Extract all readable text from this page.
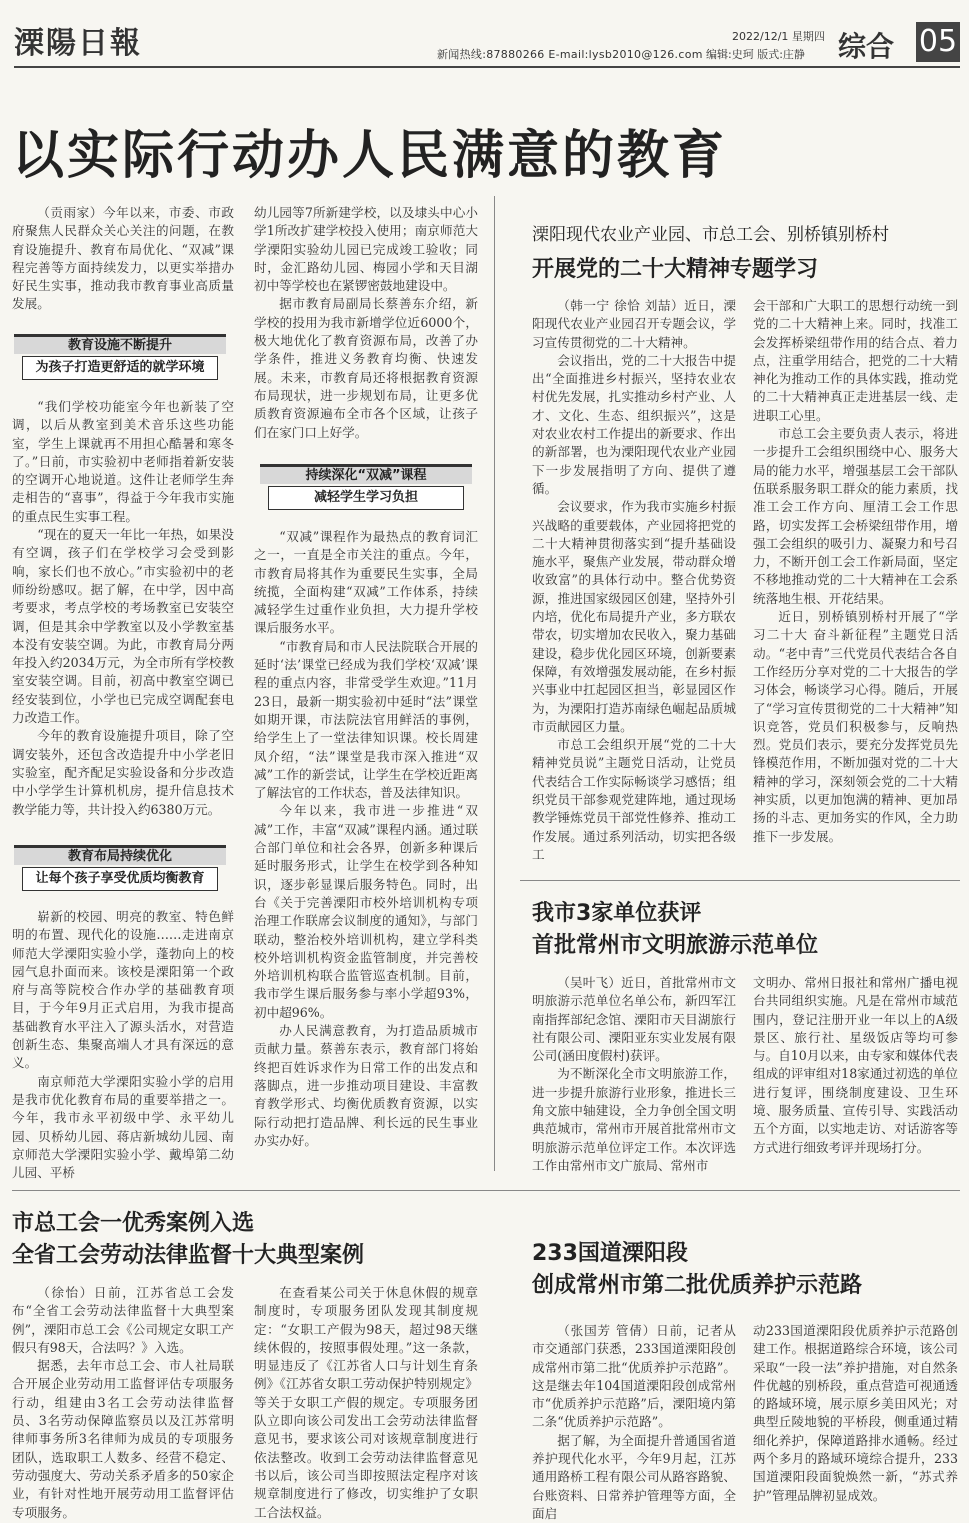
溧陽日報	新闻热线:87880266 E-mail:lysb2010@126.com
2022/12/1 星期四
编辑:史珂 版式:庄静 综合 05
以实际行动办人民满意的教育

（贡雨家）今年以来，市委、市政府聚焦人民群众关心关注的问题，在教育设施提升、教育布局优化、“双减”课程完善等方面持续发力，以更实举措办好民生实事，推动我市教育事业高质量发展。

教育设施不断提升
为孩子打造更舒适的就学环境

“我们学校功能室今年也新装了空调，以后从教室到美术音乐这些功能室，学生上课就再不用担心酷暑和寒冬了。”日前，市实验初中老师指着新安装的空调开心地说道。这件让老师学生奔走相告的“喜事”，得益于今年我市实施的重点民生实事工程。

“现在的夏天一年比一年热，如果没有空调，孩子们在学校学习会受到影响，家长们也不放心。”市实验初中的老师纷纷感叹。据了解，在中学，因中高考要求，考点学校的考场教室已安装空调，但是其余中学教室以及小学教室基本没有安装空调。为此，市教育局分两年投入约2034万元，为全市所有学校教室安装空调。目前，初高中教室空调已经安装到位，小学也已完成空调配套电力改造工作。

今年的教育设施提升项目，除了空调安装外，还包含改造提升中小学老旧实验室，配齐配足实验设备和分步改造中小学学生计算机机房，提升信息技术教学能力等，共计投入约6380万元。

教育布局持续优化
让每个孩子享受优质均衡教育

崭新的校园、明亮的教室、特色鲜明的布置、现代化的设施……走进南京师范大学溧阳实验小学，蓬勃向上的校园气息扑面而来。该校是溧阳第一个政府与高等院校合作办学的基础教育项目，于今年9月正式启用，为我市提高基础教育水平注入了源头活水，对营造创新生态、集聚高端人才具有深远的意义。

南京师范大学溧阳实验小学的启用是我市优化教育布局的重要举措之一。今年，我市永平初级中学、永平幼儿园、贝桥幼儿园、蒋店新城幼儿园、南京师范大学溧阳实验小学、戴埠第二幼儿园、平桥

幼儿园等7所新建学校，以及埭头中心小学1所改扩建学校投入使用；南京师范大学溧阳实验幼儿园已完成竣工验收；同时，金汇路幼儿园、梅园小学和天目湖初中等学校也在紧锣密鼓地建设中。

据市教育局副局长蔡善东介绍，新学校的投用为我市新增学位近6000个，极大地优化了教育资源布局，改善了办学条件，推进义务教育均衡、快速发展。未来，市教育局还将根据教育资源布局现状，进一步规划布局，让更多优质教育资源遍布全市各个区域，让孩子们在家门口上好学。

持续深化“双减”课程
减轻学生学习负担

“双减”课程作为最热点的教育词汇之一，一直是全市关注的重点。今年，市教育局将其作为重要民生实事，全局统揽，全面构建“双减”工作体系，持续减轻学生过重作业负担，大力提升学校课后服务水平。

“市教育局和市人民法院联合开展的延时‘法’课堂已经成为我们学校‘双减’课程的重点内容，非常受学生欢迎。”11月23日，最新一期实验初中延时“法”课堂如期开课，市法院法官用鲜活的事例，给学生上了一堂法律知识课。校长周建凤介绍，“法”课堂是我市深入推进“双减”工作的新尝试，让学生在学校近距离了解法官的工作状态，普及法律知识。

今年以来，我市进一步推进“双减”工作，丰富“双减”课程内涵。通过联合部门单位和社会各界，创新多种课后延时服务形式，让学生在校学到各种知识，逐步彰显课后服务特色。同时，出台《关于完善溧阳市校外培训机构专项治理工作联席会议制度的通知》，与部门联动，整治校外培训机构，建立学科类校外培训机构资金监管制度，并完善校外培训机构联合监管巡查机制。目前，我市学生课后服务参与率小学超93%，初中超96%。

办人民满意教育，为打造品质城市贡献力量。蔡善东表示，教育部门将始终把百姓诉求作为日常工作的出发点和落脚点，进一步推动项目建设、丰富教育教学形式、均衡优质教育资源，以实际行动把打造品牌、利长远的民生事业办实办好。

溧阳现代农业产业园、市总工会、别桥镇别桥村
开展党的二十大精神专题学习

（韩一宁 徐恰 刘喆）近日，溧阳现代农业产业园召开专题会议，学习宣传贯彻党的二十大精神。

会议指出，党的二十大报告中提出“全面推进乡村振兴，坚持农业农村优先发展，扎实推动乡村产业、人才、文化、生态、组织振兴”，这是对农业农村工作提出的新要求、作出的新部署，也为溧阳现代农业产业园下一步发展指明了方向、提供了遵循。

会议要求，作为我市实施乡村振兴战略的重要载体，产业园将把党的二十大精神贯彻落实到“提升基础设施水平，聚焦产业发展，带动群众增收致富”的具体行动中。整合优势资源，推进国家级园区创建，坚持外引内培，优化布局提升产业，多方联农带农，切实增加农民收入，聚力基础建设，稳步优化园区环境，创新要素保障，有效增强发展动能，在乡村振兴事业中扛起园区担当，彰显园区作为，为溧阳打造苏南绿色崛起品质城市贡献园区力量。

市总工会组织开展“党的二十大精神党员说”主题党日活动，让党员代表结合工作实际畅谈学习感悟；组织党员干部参观党建阵地，通过现场教学锤炼党员干部党性修养、推动工作发展。通过系列活动，切实把各级工

会干部和广大职工的思想行动统一到党的二十大精神上来。同时，找准工会发挥桥梁纽带作用的结合点、着力点，注重学用结合，把党的二十大精神化为推动工作的具体实践，推动党的二十大精神真正走进基层一线、走进职工心里。

市总工会主要负责人表示，将进一步提升工会组织围绕中心、服务大局的能力水平，增强基层工会干部队伍联系服务职工群众的能力素质，找准工会工作方向、厘清工会工作思路，切实发挥工会桥梁纽带作用，增强工会组织的吸引力、凝聚力和号召力，不断开创工会工作新局面，坚定不移地推动党的二十大精神在工会系统落地生根、开花结果。

近日，别桥镇别桥村开展了“学习二十大 奋斗新征程”主题党日活动。“老中青”三代党员代表结合各自工作经历分享对党的二十大报告的学习体会，畅谈学习心得。随后，开展了“学习宣传贯彻党的二十大精神”知识竞答，党员们积极参与，反响热烈。党员们表示，要充分发挥党员先锋模范作用，不断加强对党的二十大精神的学习，深刻领会党的二十大精神实质，以更加饱满的精神、更加昂扬的斗志、更加务实的作风，全力助推下一步发展。

我市3家单位获评
首批常州市文明旅游示范单位

（吴叶飞）近日，首批常州市文明旅游示范单位名单公布，新四军江南指挥部纪念馆、溧阳市天目湖旅行社有限公司、溧阳亚东实业发展有限公司(涵田度假村)获评。

为不断深化全市文明旅游工作，进一步提升旅游行业形象，推进长三角文旅中轴建设，全力争创全国文明典范城市，常州市开展首批常州市文明旅游示范单位评定工作。本次评选工作由常州市文广旅局、常州市

文明办、常州日报社和常州广播电视台共同组织实施。凡是在常州市域范围内，登记注册开业一年以上的A级景区、旅行社、星级饭店等均可参与。自10月以来，由专家和媒体代表组成的评审组对18家通过初选的单位进行复评，围绕制度建设、卫生环境、服务质量、宣传引导、实践活动五个方面，以实地走访、对话游客等方式进行细致考评并现场打分。

市总工会一优秀案例入选
全省工会劳动法律监督十大典型案例

（徐怡）日前，江苏省总工会发布“全省工会劳动法律监督十大典型案例”，溧阳市总工会《公司规定女职工产假只有98天，合法吗？》入选。

据悉，去年市总工会、市人社局联合开展企业劳动用工监督评估专项服务行动，组建由3名工会劳动法律监督员、3名劳动保障监察员以及江苏常明律师事务所3名律师为成员的专项服务团队，选取职工人数多、经营不稳定、劳动强度大、劳动关系矛盾多的50家企业，有针对性地开展劳动用工监督评估专项服务。

在查看某公司关于休息休假的规章制度时，专项服务团队发现其制度规定：“女职工产假为98天，超过98天继续休假的，按照事假处理。”这一条款，明显违反了《江苏省人口与计划生育条例》《江苏省女职工劳动保护特别规定》等关于女职工产假的规定。专项服务团队立即向该公司发出工会劳动法律监督意见书，要求该公司对该规章制度进行依法整改。收到工会劳动法律监督意见书以后，该公司当即按照法定程序对该规章制度进行了修改，切实维护了女职工合法权益。

233国道溧阳段
创成常州市第二批优质养护示范路

（张国芳 管倩）日前，记者从市交通部门获悉，233国道溧阳段创成常州市第二批“优质养护示范路”。这是继去年104国道溧阳段创成常州市“优质养护示范路”后，溧阳境内第二条“优质养护示范路”。

据了解，为全面提升普通国省道养护现代化水平，今年9月起，江苏通用路桥工程有限公司从路容路貌、台账资料、日常养护管理等方面，全面启

动233国道溧阳段优质养护示范路创建工作。根据道路综合环境，该公司采取“一段一法”养护措施，对自然条件优越的别桥段，重点营造可视通透的路域环境，展示原乡美田风光；对典型丘陵地貌的平桥段，侧重通过精细化养护，保障道路排水通畅。经过两个多月的路域环境综合提升，233国道溧阳段面貌焕然一新，“苏式养护”管理品牌初显成效。
